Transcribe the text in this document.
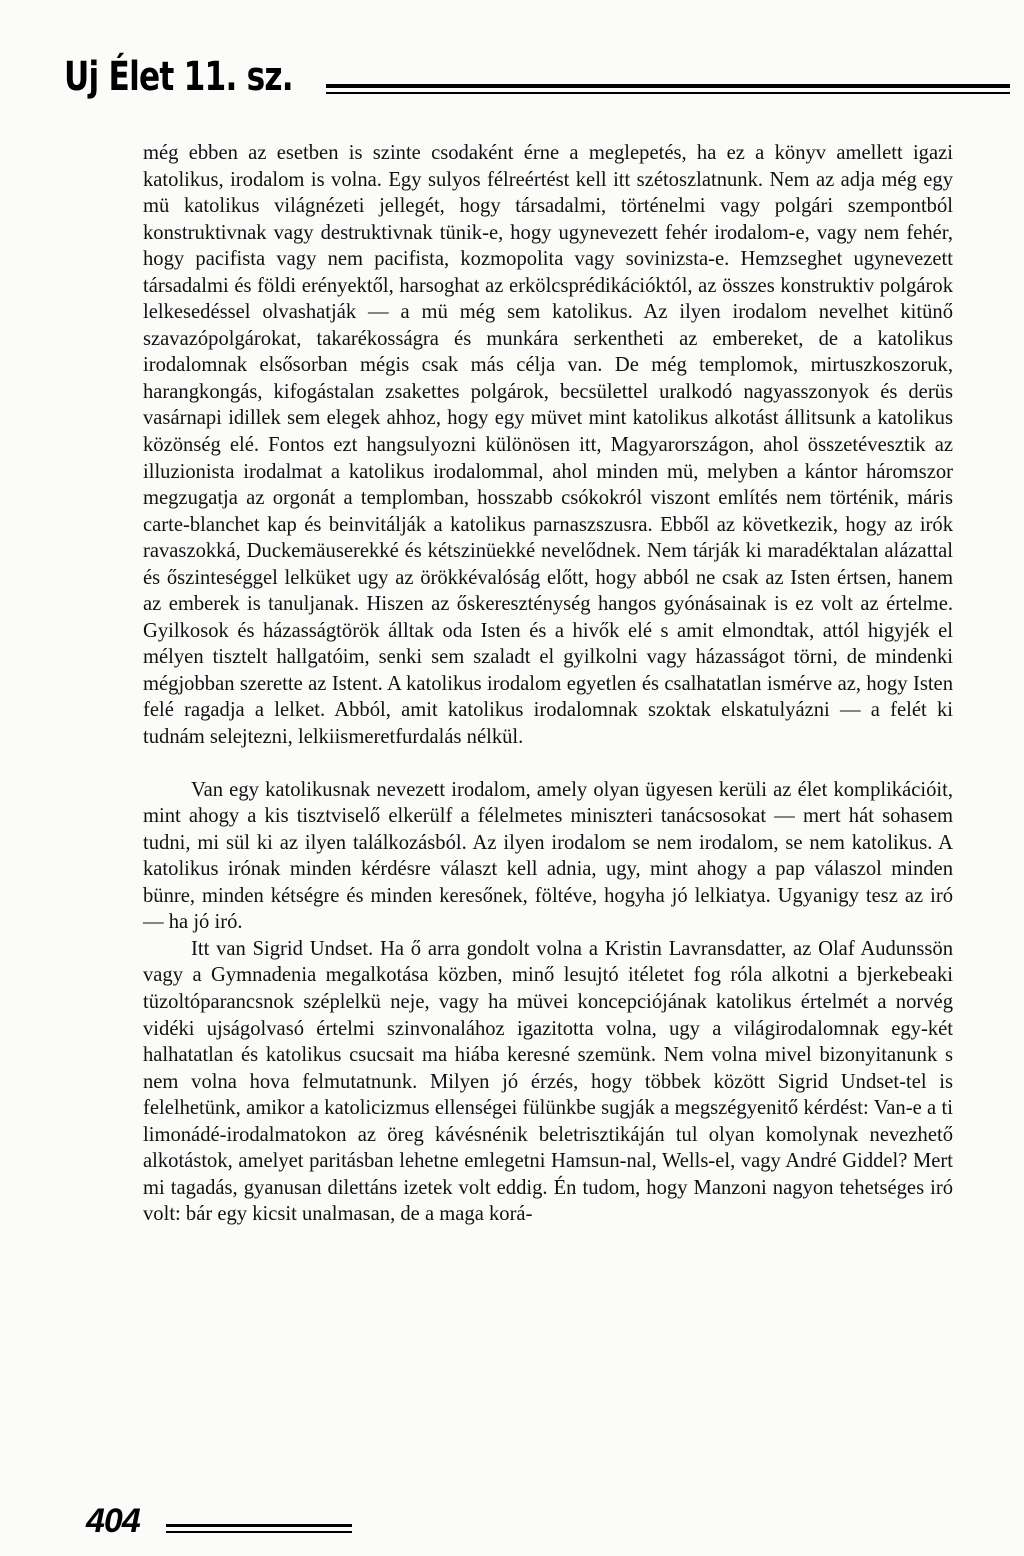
Uj Élet 11. sz.

még ebben az esetben is szinte csodaként érne a meglepetés, ha ez a könyv amellett igazi katolikus, irodalom is volna. Egy sulyos félreértést kell itt szétoszlatnunk. Nem az adja még egy mü katolikus világnézeti jellegét, hogy társadalmi, történelmi vagy polgári szempontból konstruktivnak vagy destruktivnak tünik-e, hogy ugynevezett fehér irodalom-e, vagy nem fehér, hogy pacifista vagy nem pacifista, kozmopolita vagy sovinizsta-e. Hemzseghet ugynevezett társadalmi és földi erényektől, harsoghat az erkölcsprédikációktól, az összes konstruktiv polgárok lelkesedéssel olvashatják — a mü még sem katolikus. Az ilyen irodalom nevelhet kitünő szavazópolgárokat, takarékosságra és munkára serkentheti az embereket, de a katolikus irodalomnak elsősorban mégis csak más célja van. De még templomok, mirtuszkoszoruk, harangkongás, kifogástalan zsakettes polgárok, becsülettel uralkodó nagyasszonyok és derüs vasárnapi idillek sem elegek ahhoz, hogy egy müvet mint katolikus alkotást állitsunk a katolikus közönség elé. Fontos ezt hangsulyozni különösen itt, Magyarországon, ahol összetévesztik az illuzionista irodalmat a katolikus irodalommal, ahol minden mü, melyben a kántor háromszor megzugatja az orgonát a templomban, hosszabb csókokról viszont említés nem történik, máris carte-blanchet kap és beinvitálják a katolikus parnaszszusra. Ebből az következik, hogy az irók ravaszokká, Duckemäuserekké és kétszinüekké nevelődnek. Nem tárják ki maradéktalan alázattal és őszinteséggel lelküket ugy az örökkévalóság előtt, hogy abból ne csak az Isten értsen, hanem az emberek is tanuljanak. Hiszen az őskereszténység hangos gyónásainak is ez volt az értelme. Gyilkosok és házasságtörök álltak oda Isten és a hivők elé s amit elmondtak, attól higyjék el mélyen tisztelt hallgatóim, senki sem szaladt el gyilkolni vagy házasságot törni, de mindenki mégjobban szerette az Istent. A katolikus irodalom egyetlen és csalhatatlan ismérve az, hogy Isten felé ragadja a lelket. Abból, amit katolikus irodalomnak szoktak elskatulyázni — a felét ki tudnám selejtezni, lelkiismeretfurdalás nélkül.

Van egy katolikusnak nevezett irodalom, amely olyan ügyesen kerüli az élet komplikációit, mint ahogy a kis tisztviselő elkerülf a félelmetes miniszteri tanácsosokat — mert hát sohasem tudni, mi sül ki az ilyen találkozásból. Az ilyen irodalom se nem irodalom, se nem katolikus. A katolikus irónak minden kérdésre választ kell adnia, ugy, mint ahogy a pap válaszol minden bünre, minden kétségre és minden keresőnek, föltéve, hogyha jó lelkiatya. Ugyanigy tesz az iró — ha jó iró.

Itt van Sigrid Undset. Ha ő arra gondolt volna a Kristin Lavransdatter, az Olaf Audunssön vagy a Gymnadenia megalkotása közben, minő lesujtó itéletet fog róla alkotni a bjerkebeaki tüzoltóparancsnok széplelkü neje, vagy ha müvei koncepciójának katolikus értelmét a norvég vidéki ujságolvasó értelmi szinvonalához igazitotta volna, ugy a világirodalomnak egy-két halhatatlan és katolikus csucsait ma hiába keresné szemünk. Nem volna mivel bizonyitanunk s nem volna hova felmutatnunk. Milyen jó érzés, hogy többek között Sigrid Undset-tel is felelhetünk, amikor a katolicizmus ellenségei fülünkbe sugják a megszégyenitő kérdést: Van-e a ti limonádé-irodalmatokon az öreg kávésnénik beletrisztikáján tul olyan komolynak nevezhető alkotástok, amelyet paritásban lehetne emlegetni Hamsun-nal, Wells-el, vagy André Giddel? Mert mi tagadás, gyanusan dilettáns izetek volt eddig. Én tudom, hogy Manzoni nagyon tehetséges iró volt: bár egy kicsit unalmasan, de a maga korá-

404
